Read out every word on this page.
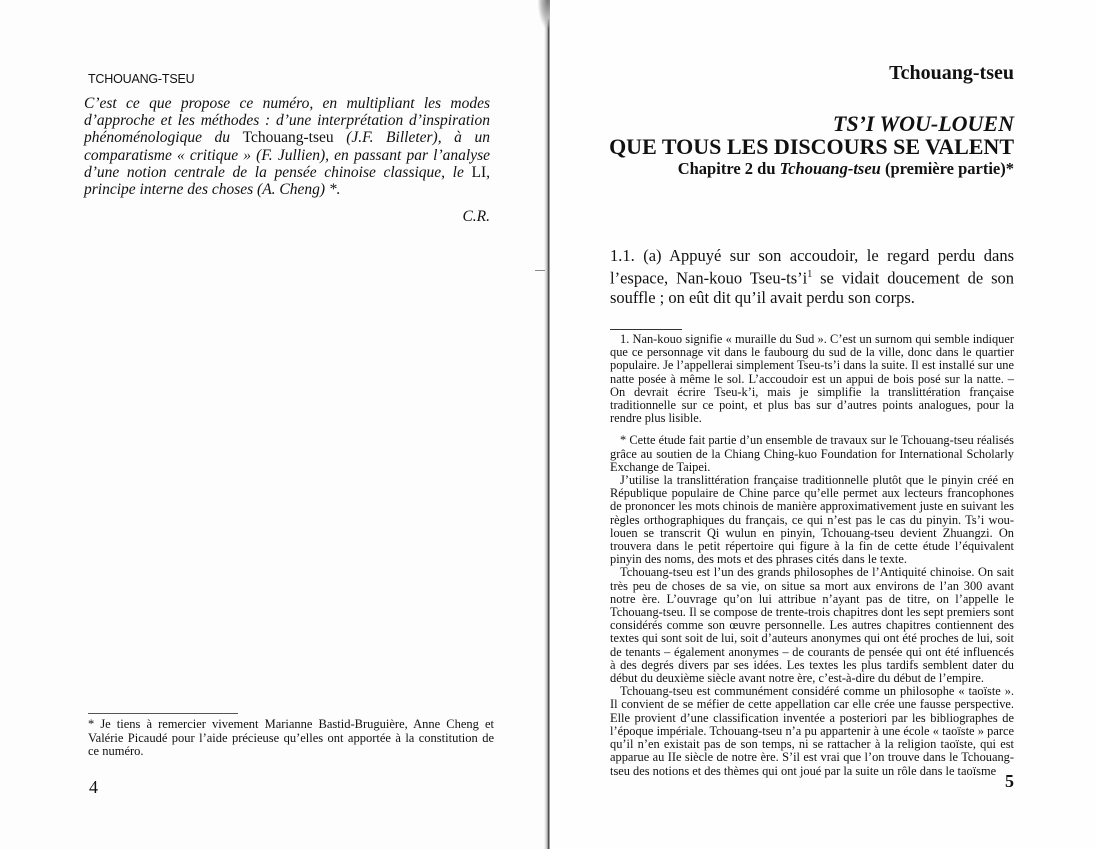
TCHOUANG-TSEU
C’est ce que propose ce numéro, en multipliant les modes d’approche et les méthodes : d’une interprétation d’inspiration phénoménologique du Tchouang-tseu (J.F. Billeter), à un comparatisme « critique » (F. Jullien), en passant par l’analyse d’une notion centrale de la pensée chinoise classique, le LI, principe interne des choses (A. Cheng) *.
C.R.
* Je tiens à remercier vivement Marianne Bastid-Bruguière, Anne Cheng et Valérie Picaudé pour l’aide précieuse qu’elles ont apportée à la constitution de ce numéro.
4
Tchouang-tseu
TS’I WOU-LOUEN
QUE TOUS LES DISCOURS SE VALENT
Chapitre 2 du Tchouang-tseu (première partie)*
1.1. (a) Appuyé sur son accoudoir, le regard perdu dans l’espace, Nan-kouo Tseu-$ts’i^1$ se vidait doucement de son souffle ; on eût dit qu’il avait perdu son corps.

1. Nan-kouo signifie « muraille du Sud ». C’est un surnom qui semble indiquer que ce personnage vit dans le faubourg du sud de la ville, donc dans le quartier populaire. Je l’appellerai simplement Tseu-ts’i dans la suite. Il est installé sur une natte posée à même le sol. L’accoudoir est un appui de bois posé sur la natte. – On devrait écrire Tseu-k’i, mais je simplifie la translittération française traditionnelle sur ce point, et plus bas sur d’autres points analogues, pour la rendre plus lisible.

* Cette étude fait partie d’un ensemble de travaux sur le Tchouang-tseu réalisés grâce au soutien de la Chiang Ching-kuo Foundation for International Scholarly Exchange de Taipei.

J’utilise la translittération française traditionnelle plutôt que le pinyin créé en République populaire de Chine parce qu’elle permet aux lecteurs francophones de prononcer les mots chinois de manière approximativement juste en suivant les règles orthographiques du français, ce qui n’est pas le cas du pinyin. Ts’i wou-louen se transcrit Qi wulun en pinyin, Tchouang-tseu devient Zhuangzi. On trouvera dans le petit répertoire qui figure à la fin de cette étude l’équivalent pinyin des noms, des mots et des phrases cités dans le texte.

Tchouang-tseu est l’un des grands philosophes de l’Antiquité chinoise. On sait très peu de choses de sa vie, on situe sa mort aux environs de l’an 300 avant notre ère. L’ouvrage qu’on lui attribue n’ayant pas de titre, on l’appelle le Tchouang-tseu. Il se compose de trente-trois chapitres dont les sept premiers sont considérés comme son œuvre personnelle. Les autres chapitres contiennent des textes qui sont soit de lui, soit d’auteurs anonymes qui ont été proches de lui, soit de tenants – également anonymes – de courants de pensée qui ont été influencés à des degrés divers par ses idées. Les textes les plus tardifs semblent dater du début du deuxième siècle avant notre ère, c’est-à-dire du début de l’empire.

Tchouang-tseu est communément considéré comme un philosophe « taoïste ». Il convient de se méfier de cette appellation car elle crée une fausse perspective. Elle provient d’une classification inventée a posteriori par les bibliographes de l’époque impériale. Tchouang-tseu n’a pu appartenir à une école « taoïste » parce qu’il n’en existait pas de son temps, ni se rattacher à la religion taoïste, qui est apparue au IIe siècle de notre ère. S’il est vrai que l’on trouve dans le Tchouang-tseu des notions et des thèmes qui ont joué par la suite un rôle dans le taoïsme

5
